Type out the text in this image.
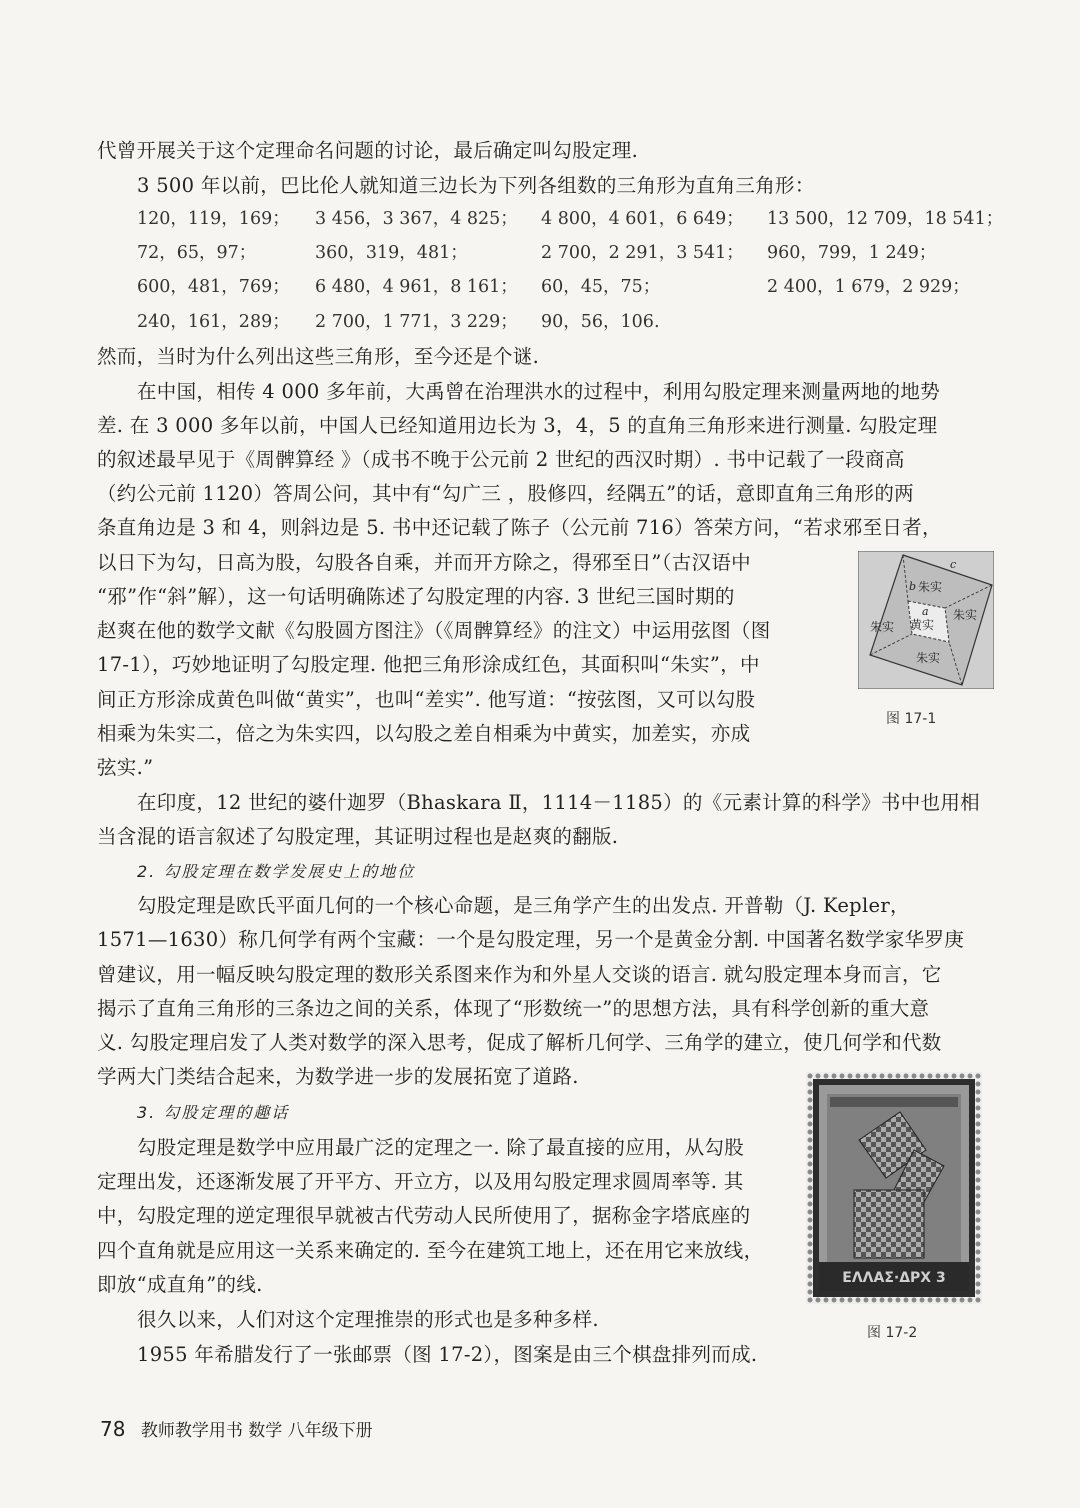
代曾开展关于这个定理命名问题的讨论，最后确定叫勾股定理.
3 500 年以前，巴比伦人就知道三边长为下列各组数的三角形为直角三角形：
120，119，169； 3 456，3 367，4 825； 4 800，4 601，6 649； 13 500，12 709，18 541；
72，65，97；	360，319，481；	2 700，2 291，3 541； 960，799，1 249；
600，481，769； 6 480，4 961，8 161； 60，45，75；	2 400，1 679，2 929；
240，161，289； 2 700，1 771，3 229； 90，56，106.
然而，当时为什么列出这些三角形，至今还是个谜.
在中国，相传 4 000 多年前，大禹曾在治理洪水的过程中，利用勾股定理来测量两地的地势
差. 在 3 000 多年以前，中国人已经知道用边长为 3，4，5 的直角三角形来进行测量. 勾股定理
的叙述最早见于《周髀算经 》（成书不晚于公元前 2 世纪的西汉时期）. 书中记载了一段商高
（约公元前 1120）答周公问，其中有“勾广三 ，股修四，经隅五”的话，意即直角三角形的两
条直角边是 3 和 4，则斜边是 5. 书中还记载了陈子（公元前 716）答荣方问，“若求邪至日者，
以日下为勾，日高为股，勾股各自乘，并而开方除之，得邪至日”（古汉语中
“邪”作“斜”解），这一句话明确陈述了勾股定理的内容. 3 世纪三国时期的
赵爽在他的数学文献《勾股圆方图注》（《周髀算经》的注文）中运用弦图（图
17-1），巧妙地证明了勾股定理. 他把三角形涂成红色，其面积叫“朱实”，中
间正方形涂成黄色叫做“黄实”，也叫“差实”. 他写道：“按弦图，又可以勾股
相乘为朱实二，倍之为朱实四，以勾股之差自相乘为中黄实，加差实，亦成
弦实.”
在印度，12 世纪的婆什迦罗（Bhaskara Ⅱ，1114－1185）的《元素计算的科学》书中也用相
当含混的语言叙述了勾股定理，其证明过程也是赵爽的翻版.
2. 勾股定理在数学发展史上的地位
勾股定理是欧氏平面几何的一个核心命题，是三角学产生的出发点. 开普勒（J. Kepler，
1571—1630）称几何学有两个宝藏：一个是勾股定理，另一个是黄金分割. 中国著名数学家华罗庚
曾建议，用一幅反映勾股定理的数形关系图来作为和外星人交谈的语言. 就勾股定理本身而言，它
揭示了直角三角形的三条边之间的关系，体现了“形数统一”的思想方法，具有科学创新的重大意
义. 勾股定理启发了人类对数学的深入思考，促成了解析几何学、三角学的建立，使几何学和代数
学两大门类结合起来，为数学进一步的发展拓宽了道路.
3. 勾股定理的趣话
勾股定理是数学中应用最广泛的定理之一. 除了最直接的应用，从勾股
定理出发，还逐渐发展了开平方、开立方，以及用勾股定理求圆周率等. 其
中，勾股定理的逆定理很早就被古代劳动人民所使用了，据称金字塔底座的
四个直角就是应用这一关系来确定的. 至今在建筑工地上，还在用它来放线，
即放“成直角”的线.
很久以来，人们对这个定理推崇的形式也是多种多样.
1955 年希腊发行了一张邮票（图 17-2），图案是由三个棋盘排列而成.
c
b 朱实
a
黄实
朱实
朱实
朱实
图 17-1
ΕΛΛΑΣ·ΔΡΧ 3
图 17-2
78 教师教学用书 数学 八年级下册
